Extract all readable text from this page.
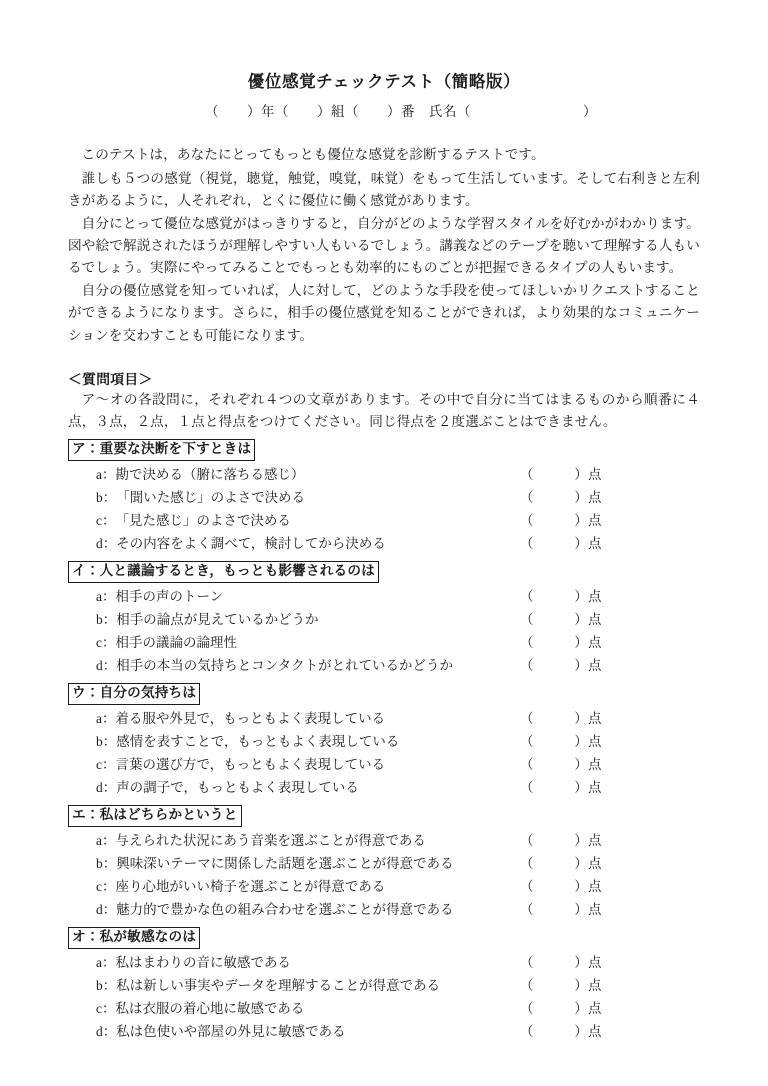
優位感覚チェックテスト（簡略版）
（　　）年（　　）組（　　）番　氏名（　　　　　　　　）

このテストは，あなたにとってもっとも優位な感覚を診断するテストです。

誰しも５つの感覚（視覚，聴覚，触覚，嗅覚，味覚）をもって生活しています。そして右利きと左利きがあるように，人それぞれ，とくに優位に働く感覚があります。

自分にとって優位な感覚がはっきりすると，自分がどのような学習スタイルを好むかがわかります。図や絵で解説されたほうが理解しやすい人もいるでしょう。講義などのテープを聴いて理解する人もいるでしょう。実際にやってみることでもっとも効率的にものごとが把握できるタイプの人もいます。

自分の優位感覚を知っていれば，人に対して，どのような手段を使ってほしいかリクエストすることができるようになります。さらに，相手の優位感覚を知ることができれば，より効果的なコミュニケーションを交わすことも可能になります。

＜質問項目＞

ア〜オの各設問に，それぞれ４つの文章があります。その中で自分に当てはまるものから順番に４点，３点，２点，１点と得点をつけてください。同じ得点を２度選ぶことはできません。

ア：重要な決断を下すときは
a：勘で決める（腑に落ちる感じ）	（　　　）点
b：「聞いた感じ」のよさで決める	（　　　）点
c：「見た感じ」のよさで決める	（　　　）点
d：その内容をよく調べて，検討してから決める	（　　　）点
イ：人と議論するとき，もっとも影響されるのは
a：相手の声のトーン	（　　　）点
b：相手の論点が見えているかどうか	（　　　）点
c：相手の議論の論理性	（　　　）点
d：相手の本当の気持ちとコンタクトがとれているかどうか	（　　　）点
ウ：自分の気持ちは
a：着る服や外見で，もっともよく表現している	（　　　）点
b：感情を表すことで，もっともよく表現している	（　　　）点
c：言葉の選び方で，もっともよく表現している	（　　　）点
d：声の調子で，もっともよく表現している	（　　　）点
エ：私はどちらかというと
a：与えられた状況にあう音楽を選ぶことが得意である	（　　　）点
b：興味深いテーマに関係した話題を選ぶことが得意である	（　　　）点
c：座り心地がいい椅子を選ぶことが得意である	（　　　）点
d：魅力的で豊かな色の組み合わせを選ぶことが得意である	（　　　）点
オ：私が敏感なのは
a：私はまわりの音に敏感である	（　　　）点
b：私は新しい事実やデータを理解することが得意である	（　　　）点
c：私は衣服の着心地に敏感である	（　　　）点
d：私は色使いや部屋の外見に敏感である	（　　　）点
